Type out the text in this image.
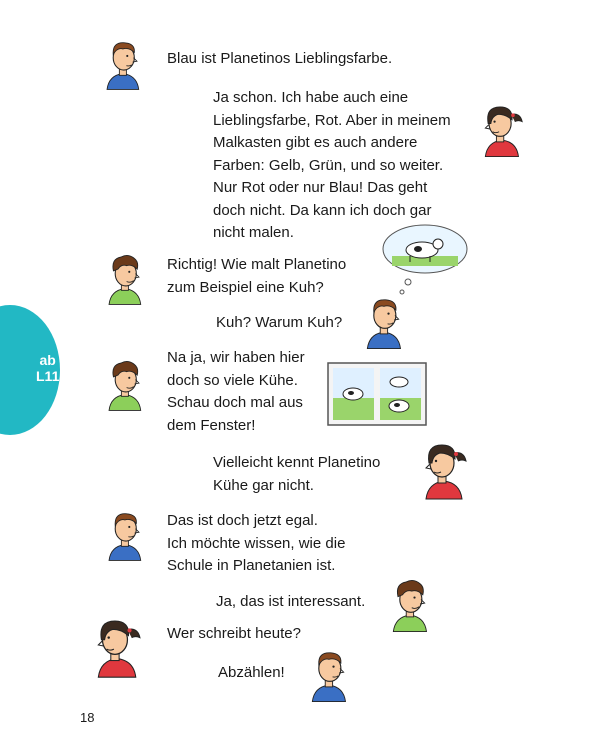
ab
L11
Blau ist Planetinos Lieblingsfarbe.
Ja schon. Ich habe auch eine
Lieblingsfarbe, Rot. Aber in meinem
Malkasten gibt es auch andere
Farben: Gelb, Grün, und so weiter.
Nur Rot oder nur Blau! Das geht
doch nicht. Da kann ich doch gar
nicht malen.
Richtig! Wie malt Planetino
zum Beispiel eine Kuh?
Kuh? Warum Kuh?
Na ja, wir haben hier
doch so viele Kühe.
Schau doch mal aus
dem Fenster!
Vielleicht kennt Planetino
Kühe gar nicht.
Das ist doch jetzt egal.
Ich möchte wissen, wie die
Schule in Planetanien ist.
Ja, das ist interessant.
Wer schreibt heute?
Abzählen!
18
